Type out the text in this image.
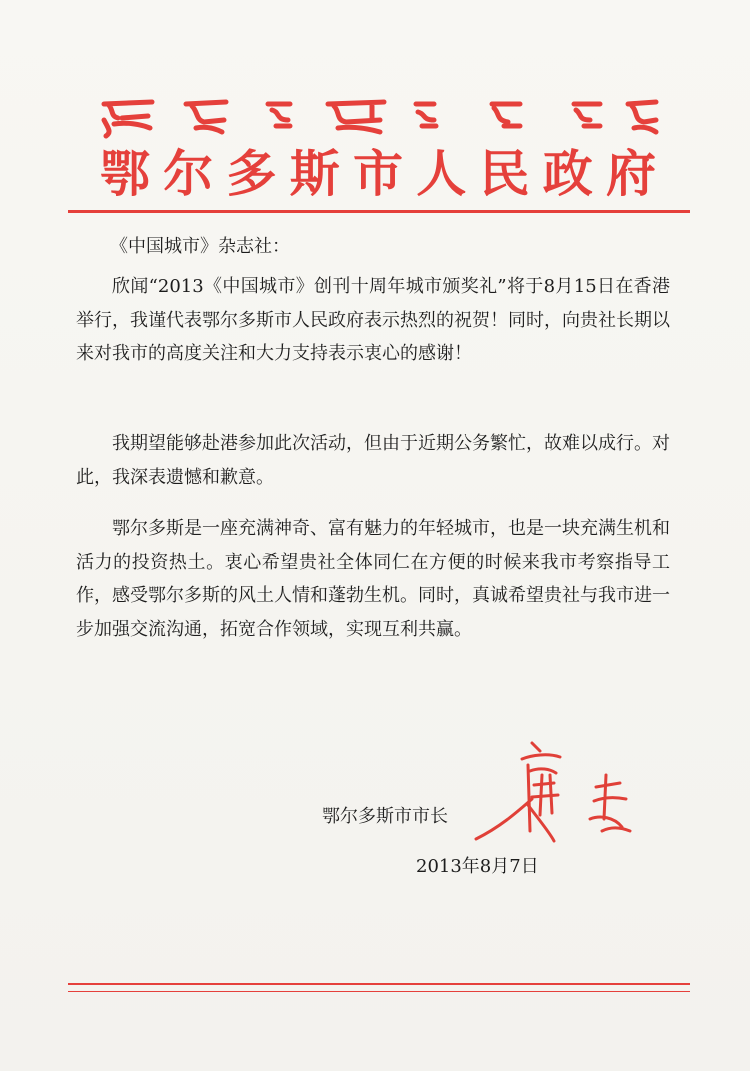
鄂尔多斯市人民政府
《中国城市》杂志社：
欣闻“2013《中国城市》创刊十周年城市颁奖礼”将于8月15日在香港举行，我谨代表鄂尔多斯市人民政府表示热烈的祝贺！同时，向贵社长期以来对我市的高度关注和大力支持表示衷心的感谢！
我期望能够赴港参加此次活动，但由于近期公务繁忙，故难以成行。对此，我深表遗憾和歉意。
鄂尔多斯是一座充满神奇、富有魅力的年轻城市，也是一块充满生机和活力的投资热土。衷心希望贵社全体同仁在方便的时候来我市考察指导工作，感受鄂尔多斯的风土人情和蓬勃生机。同时，真诚希望贵社与我市进一步加强交流沟通，拓宽合作领域，实现互利共赢。
鄂尔多斯市市长
2013年8月7日
